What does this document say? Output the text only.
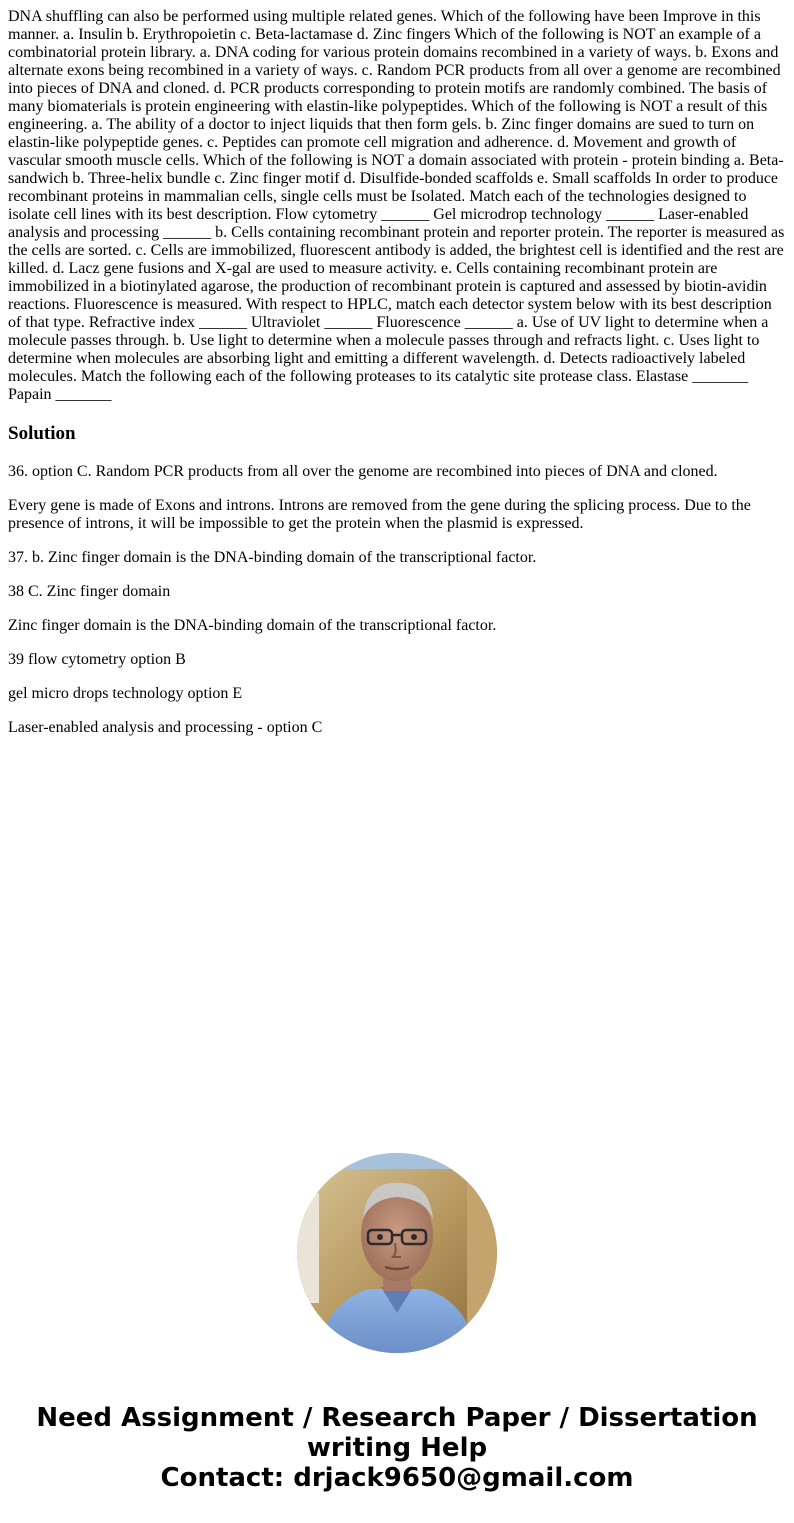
DNA shuffling can also be performed using multiple related genes. Which of the following have been Improve in this manner. a. Insulin b. Erythropoietin c. Beta-lactamase d. Zinc fingers Which of the following is NOT an example of a combinatorial protein library. a. DNA coding for various protein domains recombined in a variety of ways. b. Exons and alternate exons being recombined in a variety of ways. c. Random PCR products from all over a genome are recombined into pieces of DNA and cloned. d. PCR products corresponding to protein motifs are randomly combined. The basis of many biomaterials is protein engineering with elastin-like polypeptides. Which of the following is NOT a result of this engineering. a. The ability of a doctor to inject liquids that then form gels. b. Zinc finger domains are sued to turn on elastin-like polypeptide genes. c. Peptides can promote cell migration and adherence. d. Movement and growth of vascular smooth muscle cells. Which of the following is NOT a domain associated with protein - protein binding a. Beta-sandwich b. Three-helix bundle c. Zinc finger motif d. Disulfide-bonded scaffolds e. Small scaffolds In order to produce recombinant proteins in mammalian cells, single cells must be Isolated. Match each of the technologies designed to isolate cell lines with its best description. Flow cytometry ______ Gel microdrop technology ______ Laser-enabled analysis and processing ______ b. Cells containing recombinant protein and reporter protein. The reporter is measured as the cells are sorted. c. Cells are immobilized, fluorescent antibody is added, the brightest cell is identified and the rest are killed. d. Lacz gene fusions and X-gal are used to measure activity. e. Cells containing recombinant protein are immobilized in a biotinylated agarose, the production of recombinant protein is captured and assessed by biotin-avidin reactions. Fluorescence is measured. With respect to HPLC, match each detector system below with its best description of that type. Refractive index ______ Ultraviolet ______ Fluorescence ______ a. Use of UV light to determine when a molecule passes through. b. Use light to determine when a molecule passes through and refracts light. c. Uses light to determine when molecules are absorbing light and emitting a different wavelength. d. Detects radioactively labeled molecules. Match the following each of the following proteases to its catalytic site protease class. Elastase _______ Papain _______

Solution

36. option C. Random PCR products from all over the genome are recombined into pieces of DNA and cloned.

Every gene is made of Exons and introns. Introns are removed from the gene during the splicing process. Due to the presence of introns, it will be impossible to get the protein when the plasmid is expressed.

37. b. Zinc finger domain is the DNA-binding domain of the transcriptional factor.

38 C. Zinc finger domain

Zinc finger domain is the DNA-binding domain of the transcriptional factor.

39 flow cytometry option B

gel micro drops technology option E

Laser-enabled analysis and processing - option C

Need Assignment / Research Paper / Dissertation
writing Help
Contact: drjack9650@gmail.com
